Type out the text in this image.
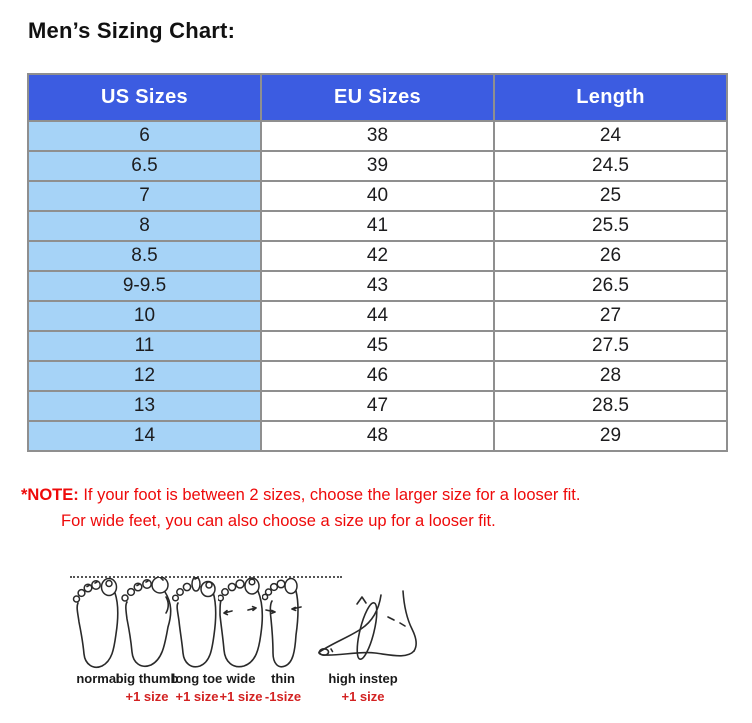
Men’s Sizing Chart:
US Sizes	EU Sizes	Length
6	38	24
6.5	39	24.5
7	40	25
8	41	25.5
8.5	42	26
9-9.5	43	26.5
10	44	27
11	45	27.5
12	46	28
13	47	28.5
14	48	29
*NOTE: If your foot is between 2 sizes, choose the larger size for a looser fit.
For wide feet, you can also choose a size up for a looser fit.
normal
big thumb
+1 size
long toe
+1 size
wide
+1 size
thin
-1size
high instep
+1 size
